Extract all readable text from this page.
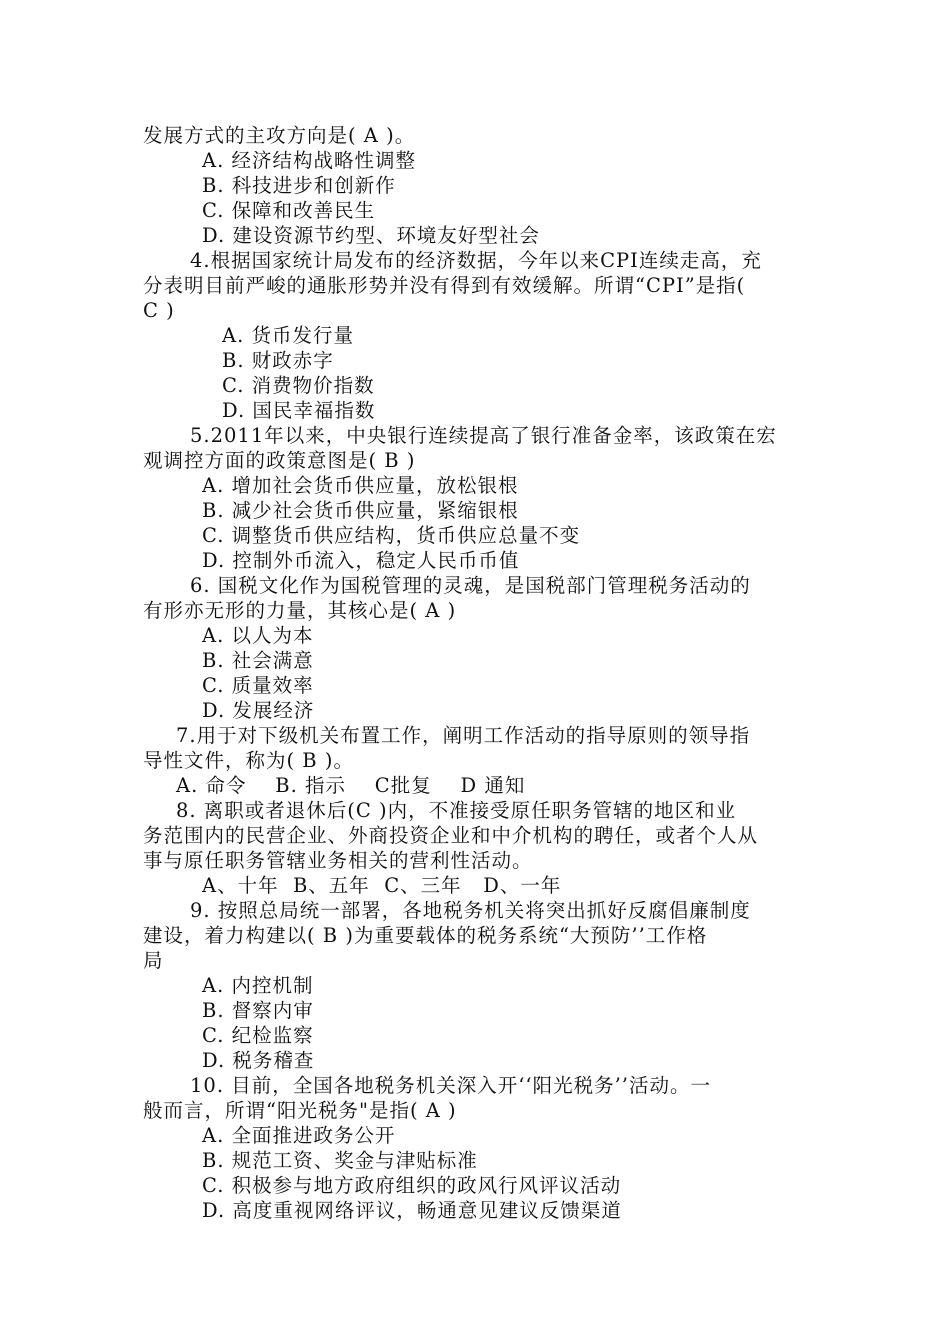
发展方式的主攻方向是( A )。
A. 经济结构战略性调整
B. 科技进步和创新作
C. 保障和改善民生
D. 建设资源节约型、环境友好型社会
4.根据国家统计局发布的经济数据，今年以来CPI连续走高，充
分表明目前严峻的通胀形势并没有得到有效缓解。所谓“CPI”是指(
C )
A. 货币发行量
B. 财政赤字
C. 消费物价指数
D. 国民幸福指数
5.2011年以来，中央银行连续提高了银行准备金率，该政策在宏
观调控方面的政策意图是( B )
A. 增加社会货币供应量，放松银根
B. 减少社会货币供应量，紧缩银根
C. 调整货币供应结构，货币供应总量不变
D. 控制外币流入，稳定人民币币值
6. 国税文化作为国税管理的灵魂，是国税部门管理税务活动的
有形亦无形的力量，其核心是( A )
A. 以人为本
B. 社会满意
C. 质量效率
D. 发展经济
7.用于对下级机关布置工作，阐明工作活动的指导原则的领导指
导性文件，称为( B )。
A. 命令    B. 指示    C批复    D 通知
8. 离职或者退休后(C )内，不准接受原任职务管辖的地区和业
务范围内的民营企业、外商投资企业和中介机构的聘任，或者个人从
事与原任职务管辖业务相关的营利性活动。
A、十年  B、五年  C、三年   D、一年
9. 按照总局统一部署，各地税务机关将突出抓好反腐倡廉制度
建设，着力构建以( B )为重要载体的税务系统“大预防’’工作格
局
A. 内控机制
B. 督察内审
C. 纪检监察
D. 税务稽查
10. 目前，全国各地税务机关深入开‘‘阳光税务’’活动。一
般而言，所谓“阳光税务"是指( A )
A. 全面推进政务公开
B. 规范工资、奖金与津贴标准
C. 积极参与地方政府组织的政风行风评议活动
D. 高度重视网络评议，畅通意见建议反馈渠道
